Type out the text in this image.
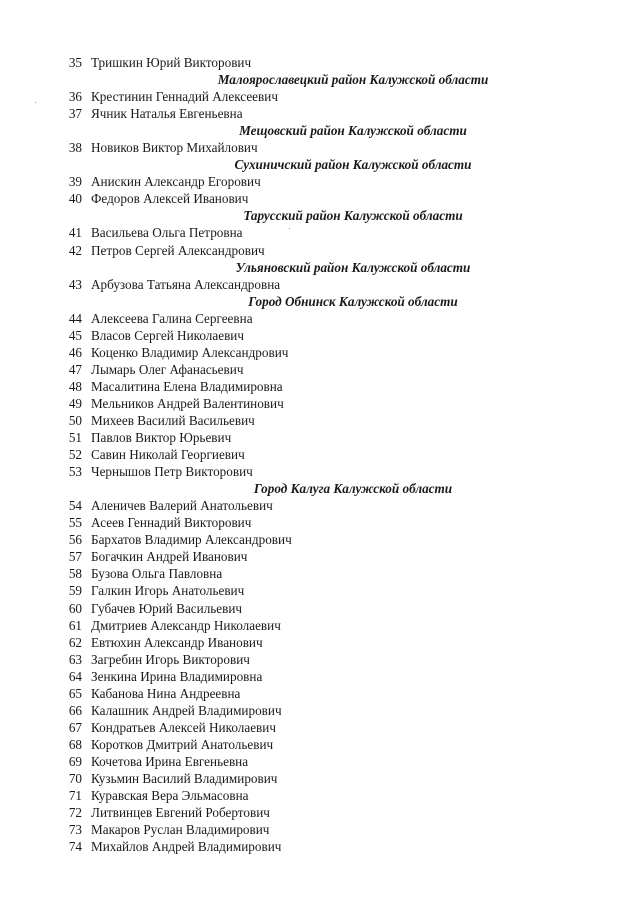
35 Тришкин Юрий Викторович
Малоярославецкий район Калужской области
36 Крестинин Геннадий Алексеевич
37 Ячник Наталья Евгеньевна
Мещовский район Калужской области
38 Новиков Виктор Михайлович
Сухиничский район Калужской области
39 Анискин Александр Егорович
40 Федоров Алексей Иванович
Тарусский район Калужской области
41 Васильева Ольга Петровна
42 Петров Сергей Александрович
Ульяновский район Калужской области
43 Арбузова Татьяна Александровна
Город Обнинск Калужской области
44 Алексеева Галина Сергеевна
45 Власов Сергей Николаевич
46 Коценко Владимир Александрович
47 Лымарь Олег Афанасьевич
48 Масалитина Елена Владимировна
49 Мельников Андрей Валентинович
50 Михеев Василий Васильевич
51 Павлов Виктор Юрьевич
52 Савин Николай Георгиевич
53 Чернышов Петр Викторович
Город Калуга Калужской области
54 Аленичев Валерий Анатольевич
55 Асеев Геннадий Викторович
56 Бархатов Владимир Александрович
57 Богачкин Андрей Иванович
58 Бузова Ольга Павловна
59 Галкин Игорь Анатольевич
60 Губачев Юрий Васильевич
61 Дмитриев Александр Николаевич
62 Евтюхин Александр Иванович
63 Загребин Игорь Викторович
64 Зенкина Ирина Владимировна
65 Кабанова Нина Андреевна
66 Калашник Андрей Владимирович
67 Кондратьев Алексей Николаевич
68 Коротков Дмитрий Анатольевич
69 Кочетова Ирина Евгеньевна
70 Кузьмин Василий Владимирович
71 Куравская Вера Эльмасовна
72 Литвинцев Евгений Робертович
73 Макаров Руслан Владимирович
74 Михайлов Андрей Владимирович
